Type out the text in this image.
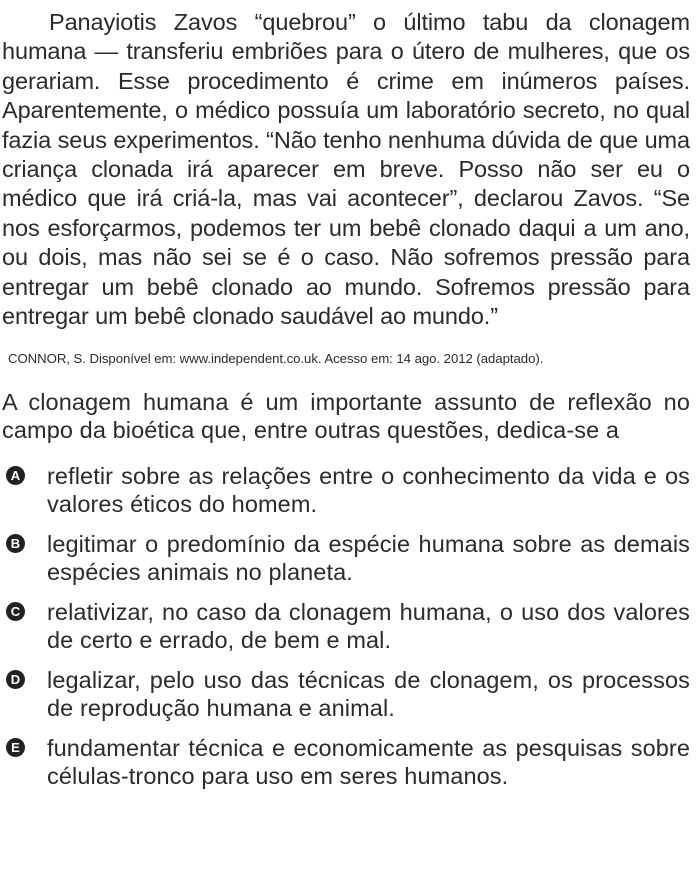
Panayiotis Zavos “quebrou” o último tabu da clonagem humana — transferiu embriões para o útero de mulheres, que os gerariam. Esse procedimento é crime em inúmeros países. Aparentemente, o médico possuía um laboratório secreto, no qual fazia seus experimentos. “Não tenho nenhuma dúvida de que uma criança clonada irá aparecer em breve. Posso não ser eu o médico que irá criá-la, mas vai acontecer”, declarou Zavos. “Se nos esforçarmos, podemos ter um bebê clonado daqui a um ano, ou dois, mas não sei se é o caso. Não sofremos pressão para entregar um bebê clonado ao mundo. Sofremos pressão para entregar um bebê clonado saudável ao mundo.”

CONNOR, S. Disponível em: www.independent.co.uk. Acesso em: 14 ago. 2012 (adaptado).

A clonagem humana é um importante assunto de reflexão no campo da bioética que, entre outras questões, dedica-se a

A refletir sobre as relações entre o conhecimento da vida e os valores éticos do homem.
B legitimar o predomínio da espécie humana sobre as demais espécies animais no planeta.
C relativizar, no caso da clonagem humana, o uso dos valores de certo e errado, de bem e mal.
D legalizar, pelo uso das técnicas de clonagem, os processos de reprodução humana e animal.
E fundamentar técnica e economicamente as pesquisas sobre células-tronco para uso em seres humanos.
